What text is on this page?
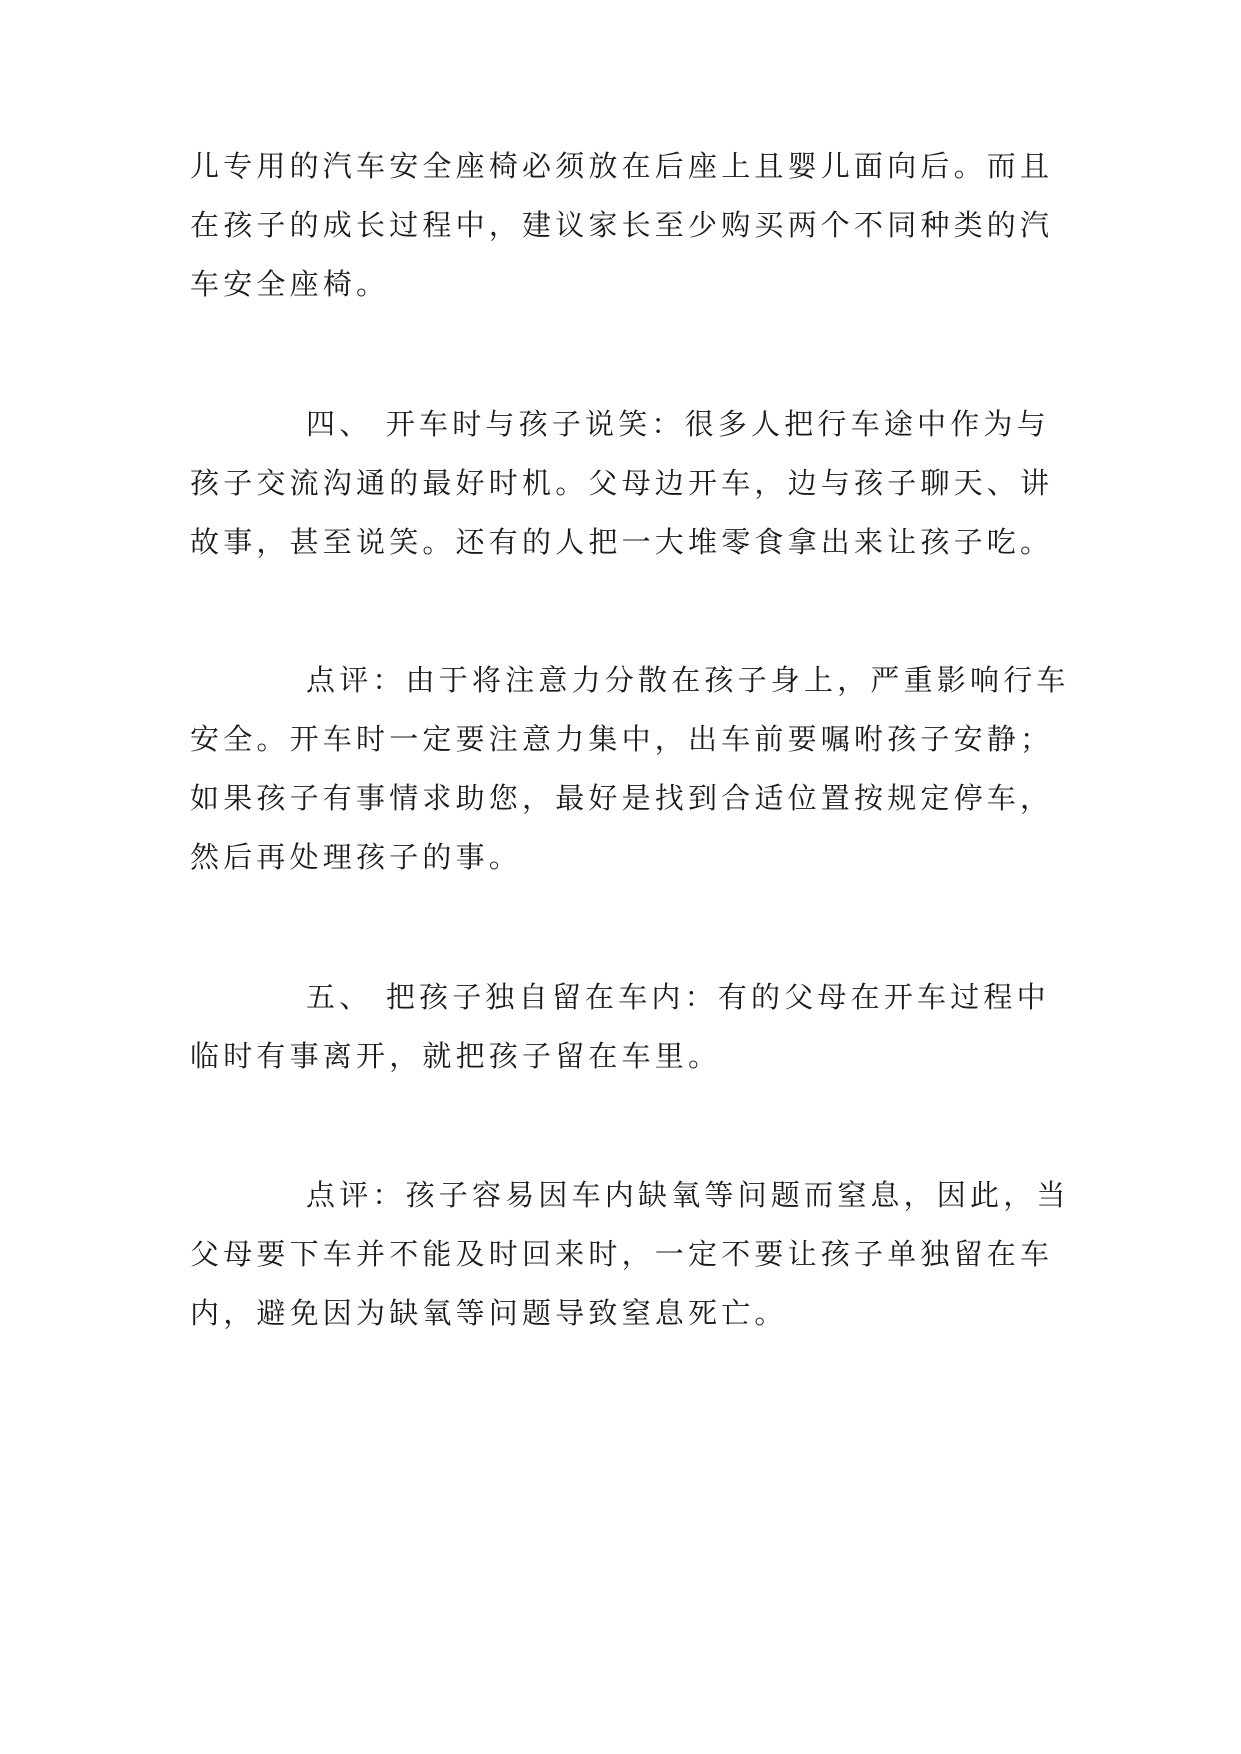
儿专用的汽车安全座椅必须放在后座上且婴儿面向后。而且
在孩子的成长过程中，建议家长至少购买两个不同种类的汽
车安全座椅。

四、 开车时与孩子说笑：很多人把行车途中作为与
孩子交流沟通的最好时机。父母边开车，边与孩子聊天、讲
故事，甚至说笑。还有的人把一大堆零食拿出来让孩子吃。

点评：由于将注意力分散在孩子身上，严重影响行车
安全。开车时一定要注意力集中，出车前要嘱咐孩子安静；
如果孩子有事情求助您，最好是找到合适位置按规定停车，
然后再处理孩子的事。

五、 把孩子独自留在车内：有的父母在开车过程中
临时有事离开，就把孩子留在车里。

点评：孩子容易因车内缺氧等问题而窒息，因此，当
父母要下车并不能及时回来时，一定不要让孩子单独留在车
内，避免因为缺氧等问题导致窒息死亡。
